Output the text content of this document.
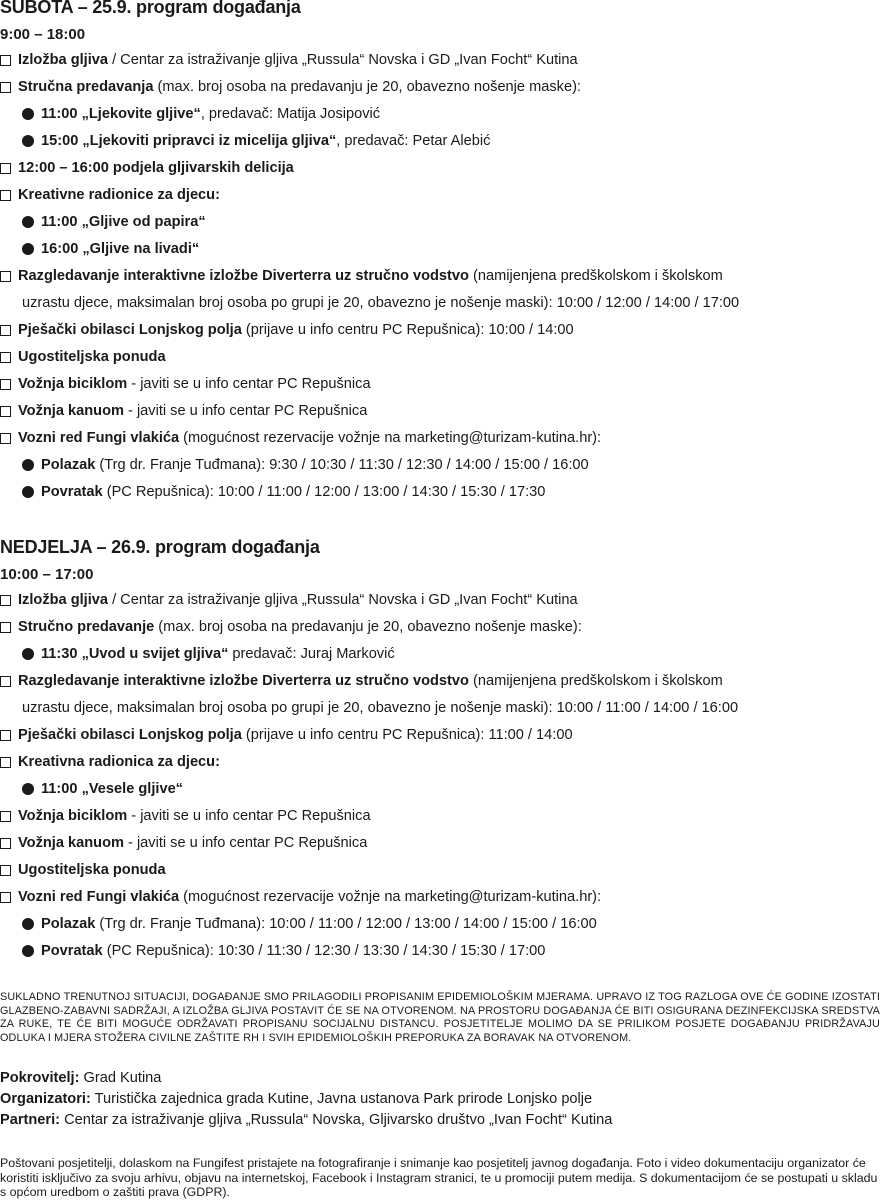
SUBOTA – 25.9. program događanja
9:00 – 18:00
Izložba gljiva / Centar za istraživanje gljiva „Russula“ Novska i GD „Ivan Focht“ Kutina
Stručna predavanja (max. broj osoba na predavanju je 20, obavezno nošenje maske):
11:00 „Ljekovite gljive“, predavač: Matija Josipović
15:00 „Ljekoviti pripravci iz micelija gljiva“, predavač: Petar Alebić
12:00 – 16:00 podjela gljivarskih delicija
Kreativne radionice za djecu:
11:00 „Gljive od papira“
16:00 „Gljive na livadi“
Razgledavanje interaktivne izložbe Diverterra uz stručno vodstvo (namijenjena predškolskom i školskom
uzrastu djece, maksimalan broj osoba po grupi je 20, obavezno je nošenje maski): 10:00 / 12:00 / 14:00 / 17:00
Pješački obilasci Lonjskog polja (prijave u info centru PC Repušnica): 10:00 / 14:00
Ugostiteljska ponuda
Vožnja biciklom - javiti se u info centar PC Repušnica
Vožnja kanuom - javiti se u info centar PC Repušnica
Vozni red Fungi vlakića (mogućnost rezervacije vožnje na marketing@turizam-kutina.hr):
Polazak (Trg dr. Franje Tuđmana): 9:30 / 10:30 / 11:30 / 12:30 / 14:00 / 15:00 / 16:00
Povratak (PC Repušnica): 10:00 / 11:00 / 12:00 / 13:00 / 14:30 / 15:30 / 17:30
NEDJELJA – 26.9. program događanja
10:00 – 17:00
Izložba gljiva / Centar za istraživanje gljiva „Russula“ Novska i GD „Ivan Focht“ Kutina
Stručno predavanje (max. broj osoba na predavanju je 20, obavezno nošenje maske):
11:30 „Uvod u svijet gljiva“ predavač: Juraj Marković
Razgledavanje interaktivne izložbe Diverterra uz stručno vodstvo (namijenjena predškolskom i školskom
uzrastu djece, maksimalan broj osoba po grupi je 20, obavezno je nošenje maski): 10:00 / 11:00 / 14:00 / 16:00
Pješački obilasci Lonjskog polja (prijave u info centru PC Repušnica): 11:00 / 14:00
Kreativna radionica za djecu:
11:00 „Vesele gljive“
Vožnja biciklom - javiti se u info centar PC Repušnica
Vožnja kanuom - javiti se u info centar PC Repušnica
Ugostiteljska ponuda
Vozni red Fungi vlakića (mogućnost rezervacije vožnje na marketing@turizam-kutina.hr):
Polazak (Trg dr. Franje Tuđmana): 10:00 / 11:00 / 12:00 / 13:00 / 14:00 / 15:00 / 16:00
Povratak (PC Repušnica): 10:30 / 11:30 / 12:30 / 13:30 / 14:30 / 15:30 / 17:00
SUKLADNO TRENUTNOJ SITUACIJI, DOGAĐANJE SMO PRILAGODILI PROPISANIM EPIDEMIOLOŠKIM MJERAMA. UPRAVO IZ TOG RAZLOGA OVE ĆE GODINE IZOSTATI GLAZBENO-ZABAVNI SADRŽAJI, A IZLOŽBA GLJIVA POSTAVIT ĆE SE NA OTVORENOM. NA PROSTORU DOGAĐANJA ĆE BITI OSIGURANA DEZINFEKCIJSKA SREDSTVA ZA RUKE, TE ĆE BITI MOGUĆE ODRŽAVATI PROPISANU SOCIJALNU DISTANCU. POSJETITELJE MOLIMO DA SE PRILIKOM POSJETE DOGAĐANJU PRIDRŽAVAJU ODLUKA I MJERA STOŽERA CIVILNE ZAŠTITE RH I SVIH EPIDEMIOLOŠKIH PREPORUKA ZA BORAVAK NA OTVORENOM.
Pokrovitelj: Grad Kutina
Organizatori: Turistička zajednica grada Kutine, Javna ustanova Park prirode Lonjsko polje
Partneri: Centar za istraživanje gljiva „Russula“ Novska, Gljivarsko društvo „Ivan Focht“ Kutina
Poštovani posjetitelji, dolaskom na Fungifest pristajete na fotografiranje i snimanje kao posjetitelj javnog događanja. Foto i video dokumentaciju organizator će koristiti isključivo za svoju arhivu, objavu na internetskoj, Facebook i Instagram stranici, te u promociji putem medija. S dokumentacijom će se postupati u skladu s općom uredbom o zaštiti prava (GDPR).
